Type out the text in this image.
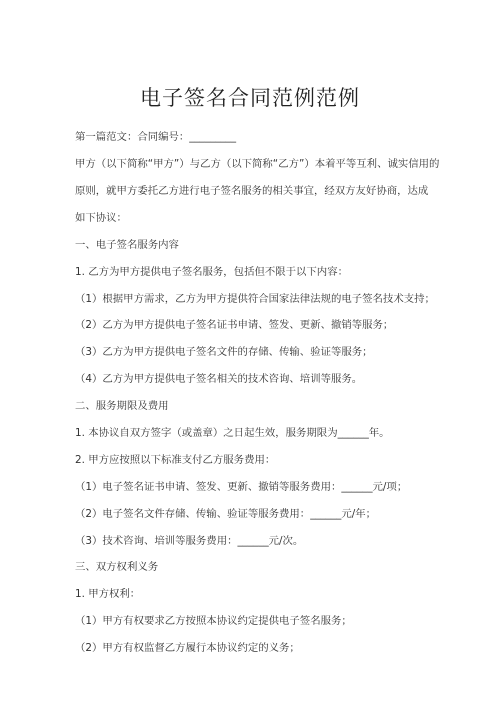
电子签名合同范例范例
第一篇范文：合同编号：_________
甲方（以下简称“甲方”）与乙方（以下简称“乙方”）本着平等互利、诚实信用的
原则，就甲方委托乙方进行电子签名服务的相关事宜，经双方友好协商，达成
如下协议：
一、电子签名服务内容
1. 乙方为甲方提供电子签名服务，包括但不限于以下内容：
（1）根据甲方需求，乙方为甲方提供符合国家法律法规的电子签名技术支持；
（2）乙方为甲方提供电子签名证书申请、签发、更新、撤销等服务；
（3）乙方为甲方提供电子签名文件的存储、传输、验证等服务；
（4）乙方为甲方提供电子签名相关的技术咨询、培训等服务。
二、服务期限及费用
1. 本协议自双方签字（或盖章）之日起生效，服务期限为______年。
2. 甲方应按照以下标准支付乙方服务费用：
（1）电子签名证书申请、签发、更新、撤销等服务费用：______元/项；
（2）电子签名文件存储、传输、验证等服务费用：______元/年；
（3）技术咨询、培训等服务费用：______元/次。
三、双方权利义务
1. 甲方权利：
（1）甲方有权要求乙方按照本协议约定提供电子签名服务；
（2）甲方有权监督乙方履行本协议约定的义务；
